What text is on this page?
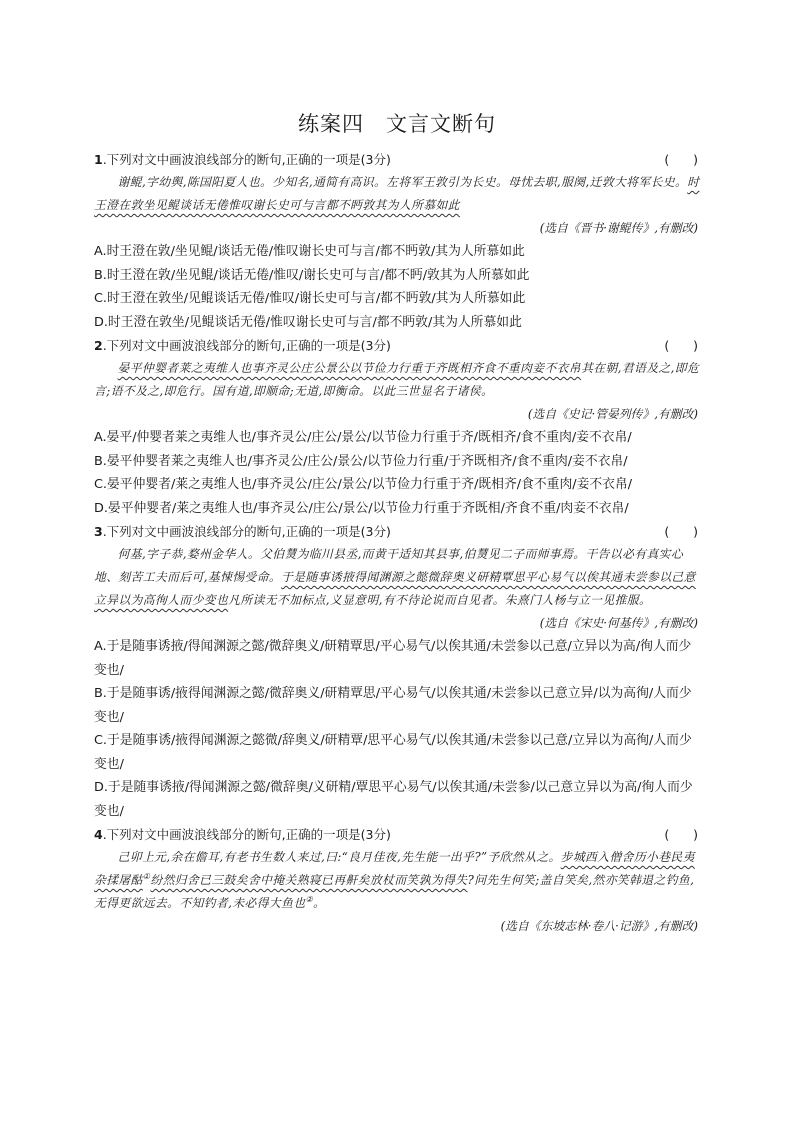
练案四 文言文断句
1.下列对文中画波浪线部分的断句,正确的一项是(3分)	(      )

谢鲲,字幼舆,陈国阳夏人也。少知名,通简有高识。左将军王敦引为长史。母忧去职,服阕,迁敦大将军长史。时王澄在敦坐见鲲谈话无倦惟叹谢长史可与言都不眄敦其为人所慕如此

(选自《晋书·谢鲲传》,有删改)

A.时王澄在敦/坐见鲲/谈话无倦/惟叹谢长史可与言/都不眄敦/其为人所慕如此

B.时王澄在敦/坐见鲲/谈话无倦/惟叹/谢长史可与言/都不眄/敦其为人所慕如此

C.时王澄在敦坐/见鲲谈话无倦/惟叹/谢长史可与言/都不眄敦/其为人所慕如此

D.时王澄在敦坐/见鲲谈话无倦/惟叹谢长史可与言/都不眄敦/其为人所慕如此

2.下列对文中画波浪线部分的断句,正确的一项是(3分)	(      )

晏平仲婴者莱之夷维人也事齐灵公庄公景公以节俭力行重于齐既相齐食不重肉妾不衣帛其在朝,君语及之,即危言;语不及之,即危行。国有道,即顺命;无道,即衡命。以此三世显名于诸侯。

(选自《史记·管晏列传》,有删改)

A.晏平/仲婴者莱之夷维人也/事齐灵公/庄公/景公/以节俭力行重于齐/既相齐/食不重肉/妾不衣帛/

B.晏平仲婴者莱之夷维人也/事齐灵公/庄公/景公/以节俭力行重/于齐既相齐/食不重肉/妾不衣帛/

C.晏平仲婴者/莱之夷维人也/事齐灵公/庄公/景公/以节俭力行重于齐/既相齐/食不重肉/妾不衣帛/

D.晏平仲婴者/莱之夷维人也/事齐灵公/庄公/景公/以节俭力行重于齐既相/齐食不重/肉妾不衣帛/

3.下列对文中画波浪线部分的断句,正确的一项是(3分)	(      )

何基,字子恭,婺州金华人。父伯熭为临川县丞,而黄干适知其县事,伯熭见二子而师事焉。干告以必有真实心地、刻苦工夫而后可,基悚惕受命。于是随事诱掖得闻渊源之懿微辞奥义研精覃思平心易气以俟其通未尝参以己意立异以为高徇人而少变也凡所读无不加标点,义显意明,有不待论说而自见者。朱熹门人杨与立一见推服。

(选自《宋史·何基传》,有删改)

A.于是随事诱掖/得闻渊源之懿/微辞奥义/研精覃思/平心易气/以俟其通/未尝参以己意/立异以为高/徇人而少变也/

B.于是随事诱/掖得闻渊源之懿/微辞奥义/研精覃思/平心易气/以俟其通/未尝参以己意立异/以为高徇/人而少变也/

C.于是随事诱/掖得闻渊源之懿微/辞奥义/研精覃/思平心易气/以俟其通/未尝参以己意/立异以为高徇/人而少变也/

D.于是随事诱掖/得闻渊源之懿/微辞奥/义研精/覃思平心易气/以俟其通/未尝参/以己意立异以为高/徇人而少变也/

4.下列对文中画波浪线部分的断句,正确的一项是(3分)	(      )

己卯上元,余在儋耳,有老书生数人来过,曰:“良月佳夜,先生能一出乎?”予欣然从之。步城西入僧舍历小巷民夷杂揉屠酤①纷然归舍已三鼓矣舍中掩关熟寝已再鼾矣放杖而笑孰为得失?问先生何笑;盖自笑矣,然亦笑韩退之钓鱼,无得更欲远去。不知钓者,未必得大鱼也②。

(选自《东坡志林·卷八·记游》,有删改)
